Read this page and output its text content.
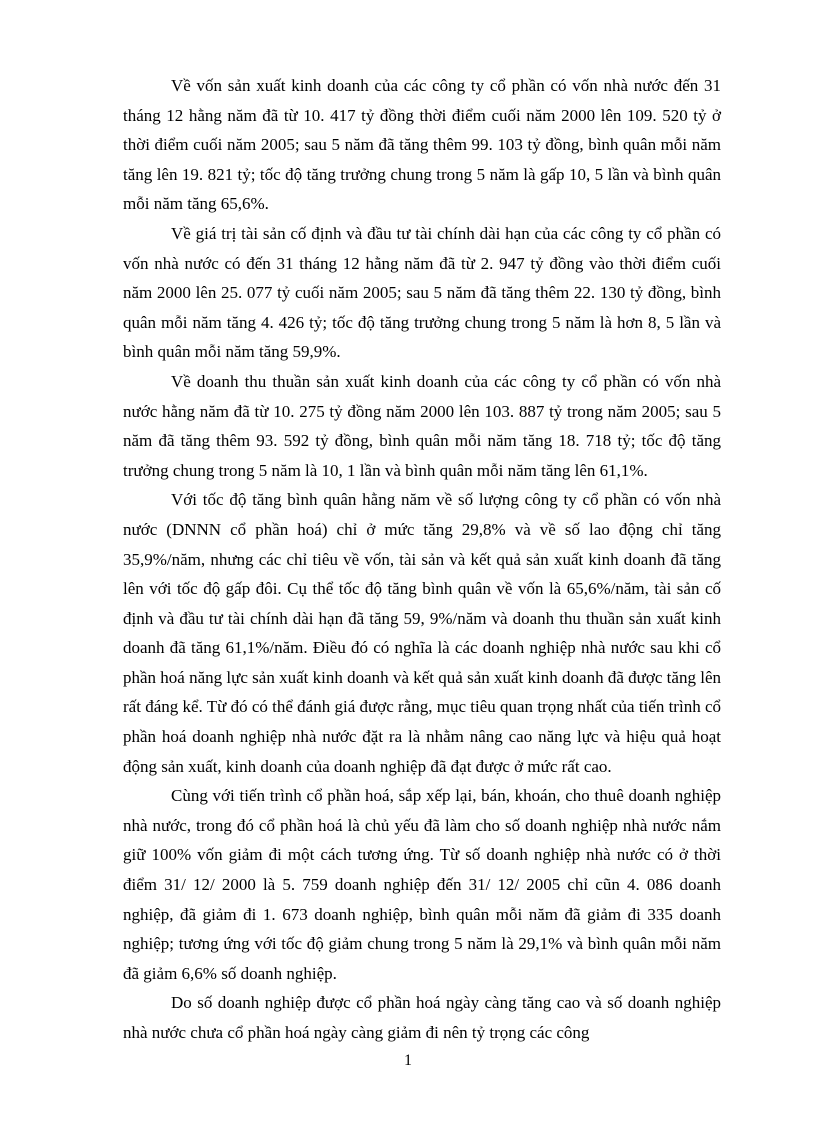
Về vốn sản xuất kinh doanh của các công ty cổ phần có vốn nhà nước đến 31 tháng 12 hằng năm đã từ 10. 417 tỷ đồng thời điểm cuối năm 2000 lên 109. 520 tỷ ở thời điểm cuối năm 2005; sau 5 năm đã tăng thêm 99. 103 tỷ đồng, bình quân mỗi năm tăng lên 19. 821 tỷ; tốc độ tăng trưởng chung trong 5 năm là gấp 10, 5 lần và bình quân mỗi năm tăng 65,6%.

Về giá trị tài sản cố định và đầu tư tài chính dài hạn của các công ty cổ phần có vốn nhà nước có đến 31 tháng 12 hằng năm đã từ 2. 947 tỷ đồng vào thời điểm cuối năm 2000 lên 25. 077 tỷ cuối năm 2005; sau 5 năm đã tăng thêm 22. 130 tỷ đồng, bình quân mỗi năm tăng 4. 426 tỷ; tốc độ tăng trưởng chung trong 5 năm là hơn 8, 5 lần và bình quân mỗi năm tăng 59,9%.

Về doanh thu thuần sản xuất kinh doanh của các công ty cổ phần có vốn nhà nước hằng năm đã từ 10. 275 tỷ đồng năm 2000 lên 103. 887 tỷ trong năm 2005; sau 5 năm đã tăng thêm 93. 592 tỷ đồng, bình quân mỗi năm tăng 18. 718 tỷ; tốc độ tăng trưởng chung trong 5 năm là 10, 1 lần và bình quân mỗi năm tăng lên 61,1%.

Với tốc độ tăng bình quân hằng năm về số lượng công ty cổ phần có vốn nhà nước (DNNN cổ phần hoá) chỉ ở mức tăng 29,8% và về số lao động chỉ tăng 35,9%/năm, nhưng các chỉ tiêu về vốn, tài sản và kết quả sản xuất kinh doanh đã tăng lên với tốc độ gấp đôi. Cụ thể tốc độ tăng bình quân về vốn là 65,6%/năm, tài sản cố định và đầu tư tài chính dài hạn đã tăng 59, 9%/năm và doanh thu thuần sản xuất kinh doanh đã tăng 61,1%/năm. Điều đó có nghĩa là các doanh nghiệp nhà nước sau khi cổ phần hoá năng lực sản xuất kinh doanh và kết quả sản xuất kinh doanh đã được tăng lên rất đáng kể. Từ đó có thể đánh giá được rằng, mục tiêu quan trọng nhất của tiến trình cổ phần hoá doanh nghiệp nhà nước đặt ra là nhằm nâng cao năng lực và hiệu quả hoạt động sản xuất, kinh doanh của doanh nghiệp đã đạt được ở mức rất cao.

Cùng với tiến trình cổ phần hoá, sắp xếp lại, bán, khoán, cho thuê doanh nghiệp nhà nước, trong đó cổ phần hoá là chủ yếu đã làm cho số doanh nghiệp nhà nước nắm giữ 100% vốn giảm đi một cách tương ứng. Từ số doanh nghiệp nhà nước có ở thời điểm 31/ 12/ 2000 là 5. 759 doanh nghiệp đến 31/ 12/ 2005 chỉ cũn 4. 086 doanh nghiệp, đã giảm đi 1. 673 doanh nghiệp, bình quân mỗi năm đã giảm đi 335 doanh nghiệp; tương ứng với tốc độ giảm chung trong 5 năm là 29,1% và bình quân mỗi năm đã giảm 6,6% số doanh nghiệp.

Do số doanh nghiệp được cổ phần hoá ngày càng tăng cao và số doanh nghiệp nhà nước chưa cổ phần hoá ngày càng giảm đi nên tỷ trọng các công

1
